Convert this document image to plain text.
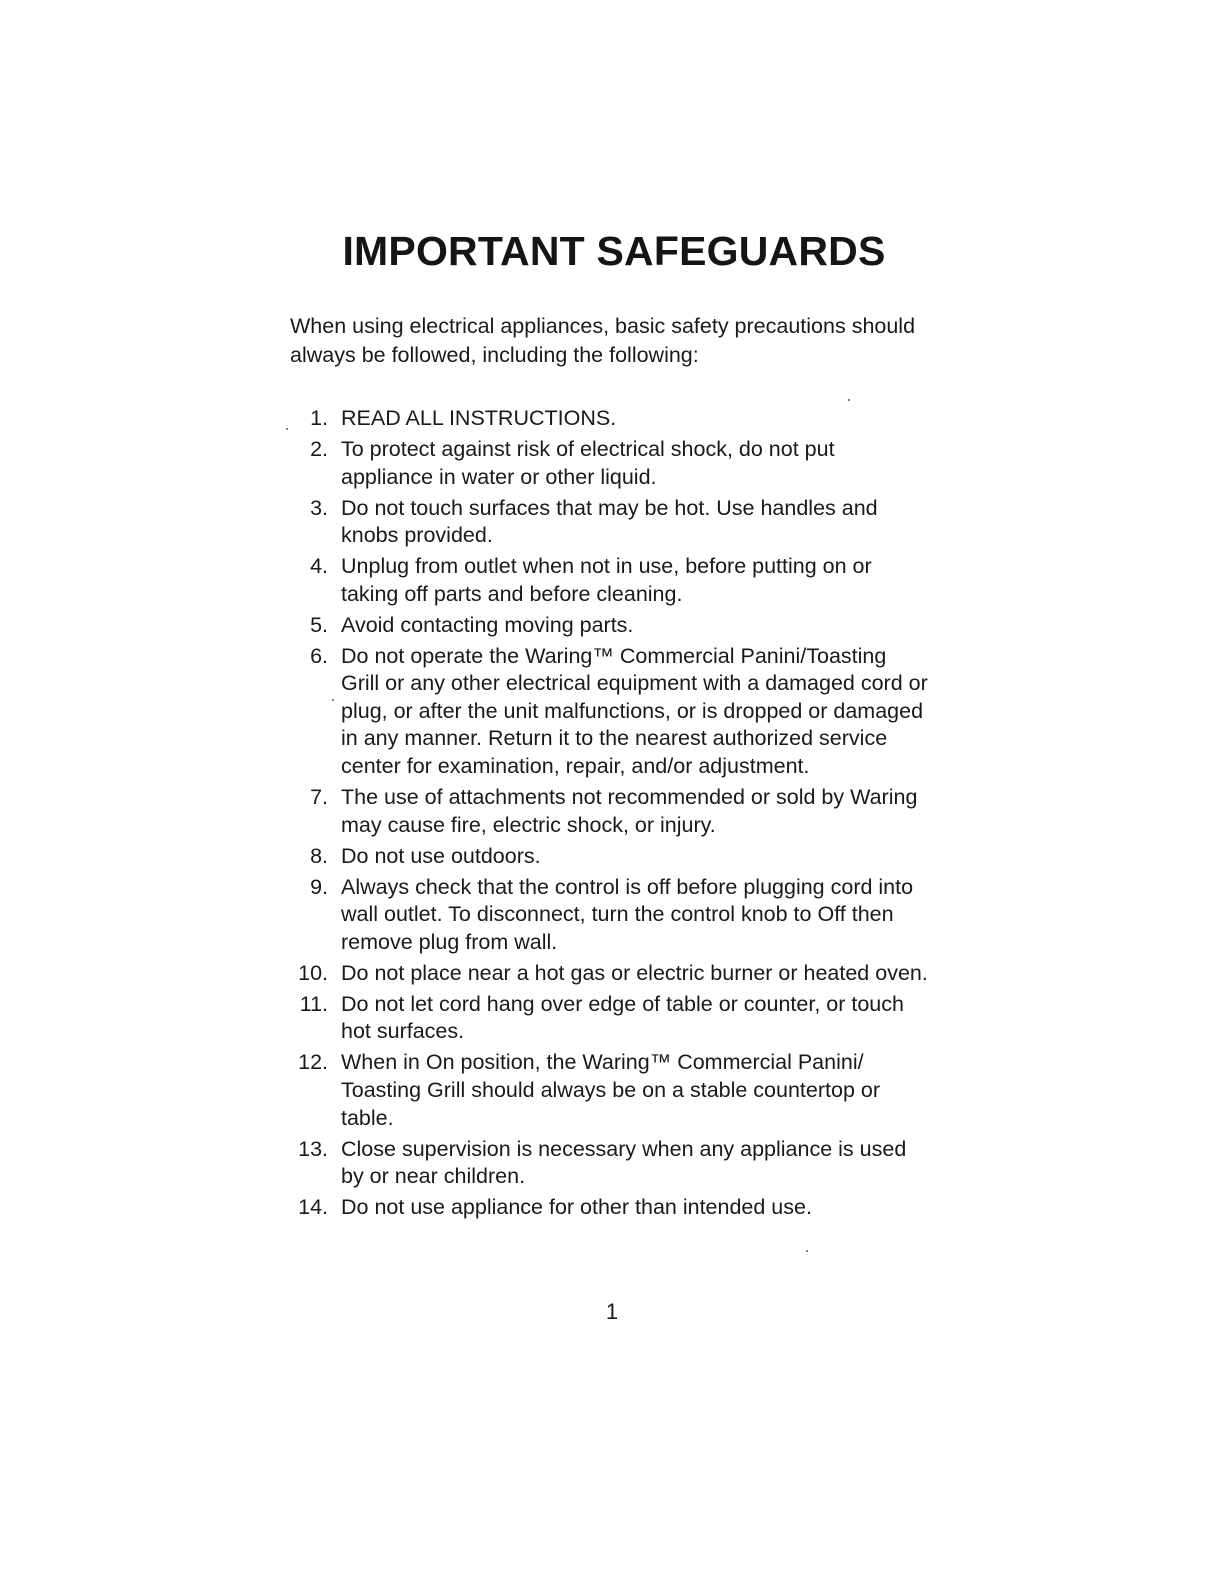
IMPORTANT SAFEGUARDS

When using electrical appliances, basic safety precautions should always be followed, including the following:

1. READ ALL INSTRUCTIONS.
2. To protect against risk of electrical shock, do not put appliance in water or other liquid.
3. Do not touch surfaces that may be hot. Use handles and knobs provided.
4. Unplug from outlet when not in use, before putting on or taking off parts and before cleaning.
5. Avoid contacting moving parts.
6. Do not operate the Waring™ Commercial Panini/Toasting Grill or any other electrical equipment with a damaged cord or plug, or after the unit malfunctions, or is dropped or damaged in any manner. Return it to the nearest authorized service center for examination, repair, and/or adjustment.
7. The use of attachments not recommended or sold by Waring may cause fire, electric shock, or injury.
8. Do not use outdoors.
9. Always check that the control is off before plugging cord into wall outlet. To disconnect, turn the control knob to Off then remove plug from wall.
10. Do not place near a hot gas or electric burner or heated oven.
11. Do not let cord hang over edge of table or counter, or touch hot surfaces.
12. When in On position, the Waring™ Commercial Panini/ Toasting Grill should always be on a stable countertop or table.
13. Close supervision is necessary when any appliance is used by or near children.
14. Do not use appliance for other than intended use.
1
